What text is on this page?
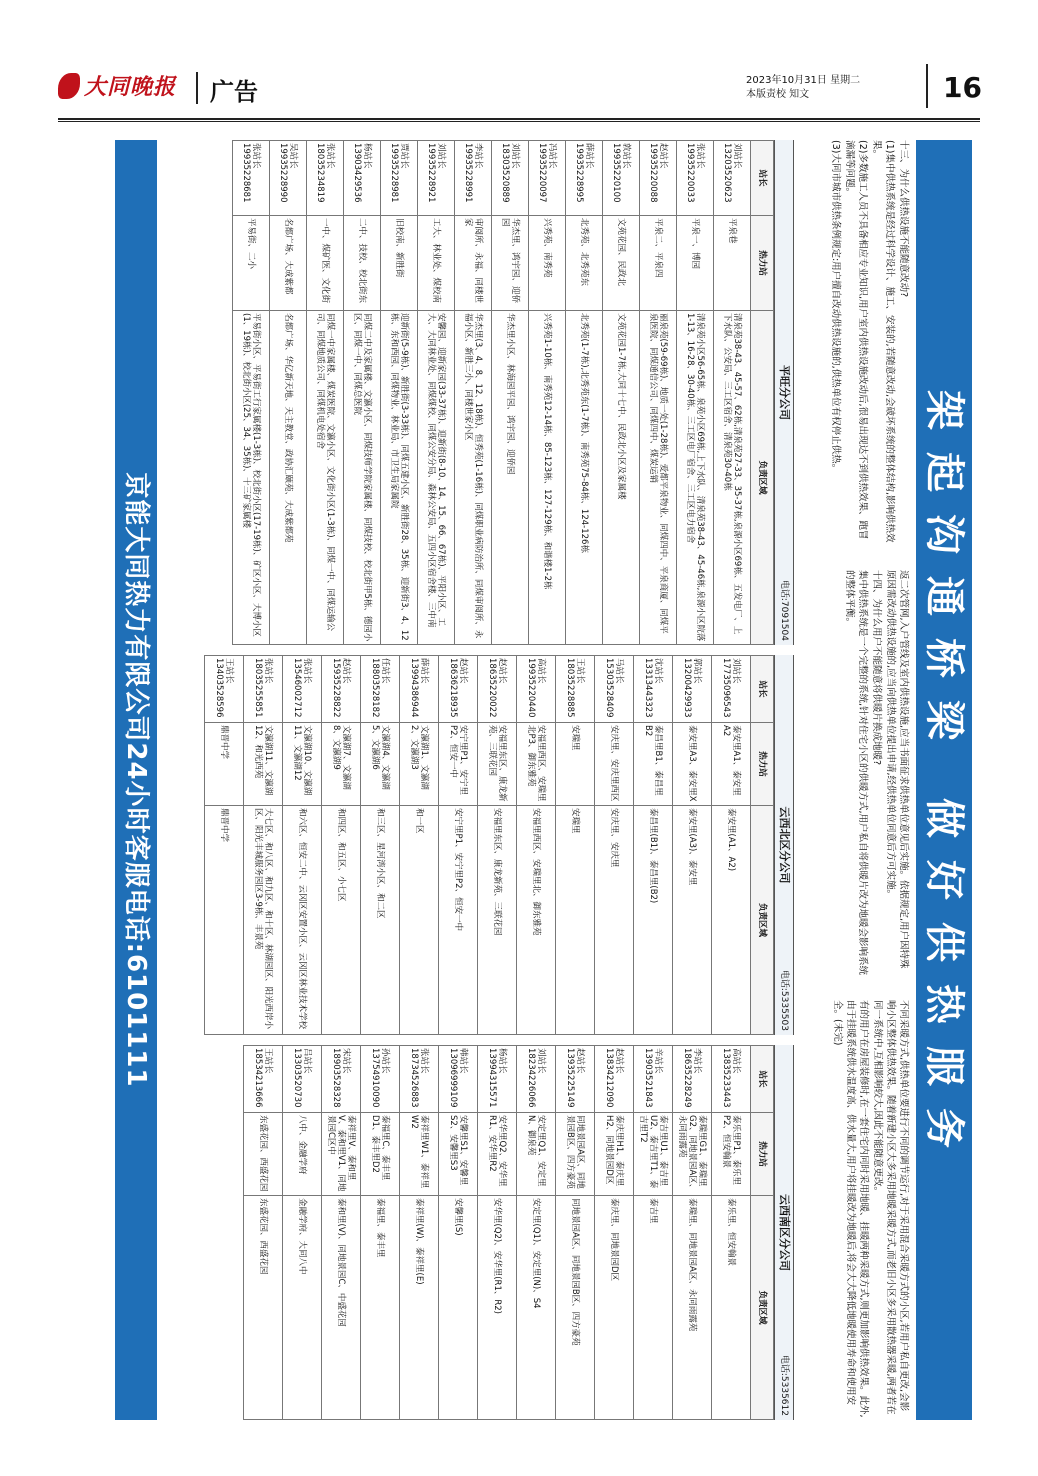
大同晚报 广告	2023年10月31日 星期二
本版责校 知文	16
架起沟通桥梁 做好供热服务

十三、为什么供热设施不能随意改动?

(1)集中供热系统是经过科学设计、施工、安装的,若随意改动,会破坏系统的整体结构,影响供热效果。

(2)多数施工人员不具备相应专业知识,用户室内供热设施改动后,很易出现达不到供热效果、跑冒滴漏等问题。

(3)大同市城市供热条例规定:用户擅自改动供热设施的,供热单位有权停止供热。

返二次管网,入户管线及室内供热设施,应当书面征求供热单位意见后实施。依据规定,用户因特殊原因需改动供热设施的,应当向供热单位提出申请,经供热单位同意后方可实施。

十四、为什么用户不能随意将供暖片换成地暖?

集中供热系统是一个完整的系统,针对住宅小区的供暖方式,用户私自将供暖片改为地暖会影响系统的整体平衡。

不同采暖方式,供热单位要进行不同的调节运行,对于采用混合采暖方式的小区,若用户私自更改,会影响小区整体供热效果。随着新建小区大多采用地暖采暖方式,而老旧小区多采用散热器采暖,两者若在同一系统中,互相影响较大,因此不能随意更改。

有的用户在房屋装修时,在一套住宅内同时采用地暖、挂暖两种采暖方式,则更加影响供热效果。此外,由于挂暖系统供水温度高、供水量大,用户将挂暖改为地暖后,将会大大降低地暖使用寿命和使用安全。(未完)

平旺分公司
电话:7091504
站长	热力站	负责区域
刘站长
13203520623	平泉巷	清泉苑38-43、45-57、62栋,清泉苑27-33、35-37栋,泉源小区69栋、五发电厂、上下水队、公安局、三工区宿舍、清泉苑30-40栋
张站长
19935220033	平泉一、博园	清泉苑小区56-65栋、泉苑小区69栋,上下水队、清泉苑38-43、45-46栋,泉源小区院落1-13、16-28、30-40栋、三工区电厂宿舍、三工区电力宿舍
赵站长
19935220088	平泉二、平泉四	丽泉苑(59-69栋)、地质一处(1-28栋)、爱都平泉物业、同煤四中、平泉商厦、同煤平泉医院、同煤通信公司、同煤四中、煤炭运销
敦站长
19935220100	文苑花园、民政北	文苑花园1-7栋,大同十七中、民政北小区及家属楼
薛站长
19935228995	北秀苑、北秀苑东	北秀苑(1-7栋),北秀苑东(1-7栋)、南秀苑75-84栋、124-126栋
冯站长
19935220097	兴秀苑、南秀苑	兴秀苑1-10栋、南秀苑12-14栋、85-123栋、127-129栋、和谐楼1-2栋
刘站长
18303520889	华杰里、鸿宇园、迎侨园	华杰里小区、林海园平园、鸿宇园、迎侨园
李站长
19935228991	审阅所、永福、同楼世家	华杰里(3、4、8、12、18栋)、恒秀苑(1-16栋)、同煤职业病防治所、同煤审阅所、永福小区、新胜三小、同楼世家小区
刘站长
19935228921	工大、林业处、煤校南	安馨园、迎新家园(33-37栋)、迎新街(8-10、14、15、66、67栋)、平阳小区、工大、大同林业处、同煤煤校、同煤公安分局、森林公安局、五四小区宿舍楼、三中南
贾站长
19935228981	旧校南、新胜街	迎新街(5-9栋)、新胜街(3-33栋)、同煤五建小区、新胜街28、35栋、迎新街3、4、12栋、东和西园、同煤物业、林业局、市卫生局家属院
杨站长
13903429536	二中、技校、校北街东	同煤二中及家属楼、文瀛小区、同煤技师学院家属楼、同煤技校、校北街甲5栋、德园小区、同煤一中、同煤总医院
张站长
18035234819	一中、煤矿医、文化街	同煤一中家属楼、煤炭医院、文瀛小区、文化街小区(1-3栋)、同煤一中、同煤运输公司、同煤地质公司、同煤机电处宿舍
吴站长
19935228990	名都广场、大成紫都	名都广场、华亿新天地、天主教堂、政协汇颐苑、大成紫都苑
张站长
19935228681	平易街、二小	平易街小区、平易街工行家属楼(1-3栋)、校北街小区(17-19栋)、矿区小区、大博小区(1、19栋)、校北街小区(25、34、35栋)、十三矿家属楼
云西北区分公司
电话:5335503
站长	热力站	负责区域
刘站长
17735096543	泰安里A1、泰安里A2	泰安里(A1、A2)
郭站长
13200429933	泰安里A3、泰安里X	泰安里(A3)、泰安里
沈站长
13313443323	泰昌里B1、泰昌里B2	泰昌里(B1)、泰昌里(B2)
马站长
15303528409	安庆里、安庆里西区	安庆里、安庆里
王站长
18035228885	安瑞里	安瑞里
高站长
19935220440	安福里西区、安瑞里北P3、御东雅苑	安福里西区、安瑞里北、御东雅苑
赵站长
18635220022	安福里东区、康龙新苑、三联花园	安福里东区、康龙新苑、三联花园
赵站长
18636218935	安宁里P1、安宁里P2、恒安一中	安宁里P1、安宁里P2、恒安一中
薛站长
13994386944	文瀛湖1、文瀛湖2、文瀛湖3	和一区
任站长
18803528182	文瀛湖4、文瀛湖5、文瀛湖6	和三区、星河湾小区、和二区
赵站长
15935228822	文瀛湖7、文瀛湖8、文瀛湖9	和四区、和五区、小七区
张站长
13546002712	文瀛湖10、文瀛湖11、文瀛湖12	和六区、恒安二中、云冈区安置小区、云冈区林业技术学校
张站长
18035255851	文瀛湖11、文瀛湖12、和光西苑	大七区、和八区、和九区、和十区、林湖园区、阳光西岸小区、阳光丰城服务园区3-9栋、丰景苑
王站长
13403528596	鼎晋中学	鼎晋中学
云西南区分公司
电话:5335612
站长	热力站	负责区域
高站长
13835233443	泰乐里P1、泰乐里P2、恒安翰景	泰乐里、恒安翰景
李站长
18635228249	泰瑞里G1、泰瑞里G2、同地景园A区、永同雨露苑	泰瑞里、同地景园A区、永同雨露苑
辛站长
13903521843	泰吉里U1、泰吉里U2、泰吉里T1、泰吉里T2	泰吉里
赵站长
13834212090	泰庆里H1、泰庆里H2、同地景园D区	泰庆里、同地景园D区
赵站长
13935225149	同地景园A区、同地景园B区、四方豪苑	同地景园A区、同地景园B区、四方豪苑
刘站长
18234226066	安定里Q1、安定里N、御泉苑	安定里(Q1)、安定里(N)、S4
杨站长
13994315571	安华里Q2、安华里R1、安华里R2	安华里(Q2)、安华里(R1、R2)
韩站长
13096999109	安馨里S1、安馨里S2、安馨里S3	安馨里(S)
张站长
18734526883	泰祥里W1、泰祥里W2	泰祥里(W)、泰祥里(E)
孙站长
13754910090	泰福里C、泰丰里D1、泰丰里D2	泰福里、泰丰里
宋站长
18903528328	泰祥里V、泰和里V、泰和里V1、同地景园C区中	泰和里(V)、同地景园C、中盛花园
吕站长
13303520730	八中、金融学府	金融学府、大同八中
王站长
18534213666	东盛花园、西盛花园	东盛花园、西盛花园
京能大同热力有限公司24小时客服电话:6101111
